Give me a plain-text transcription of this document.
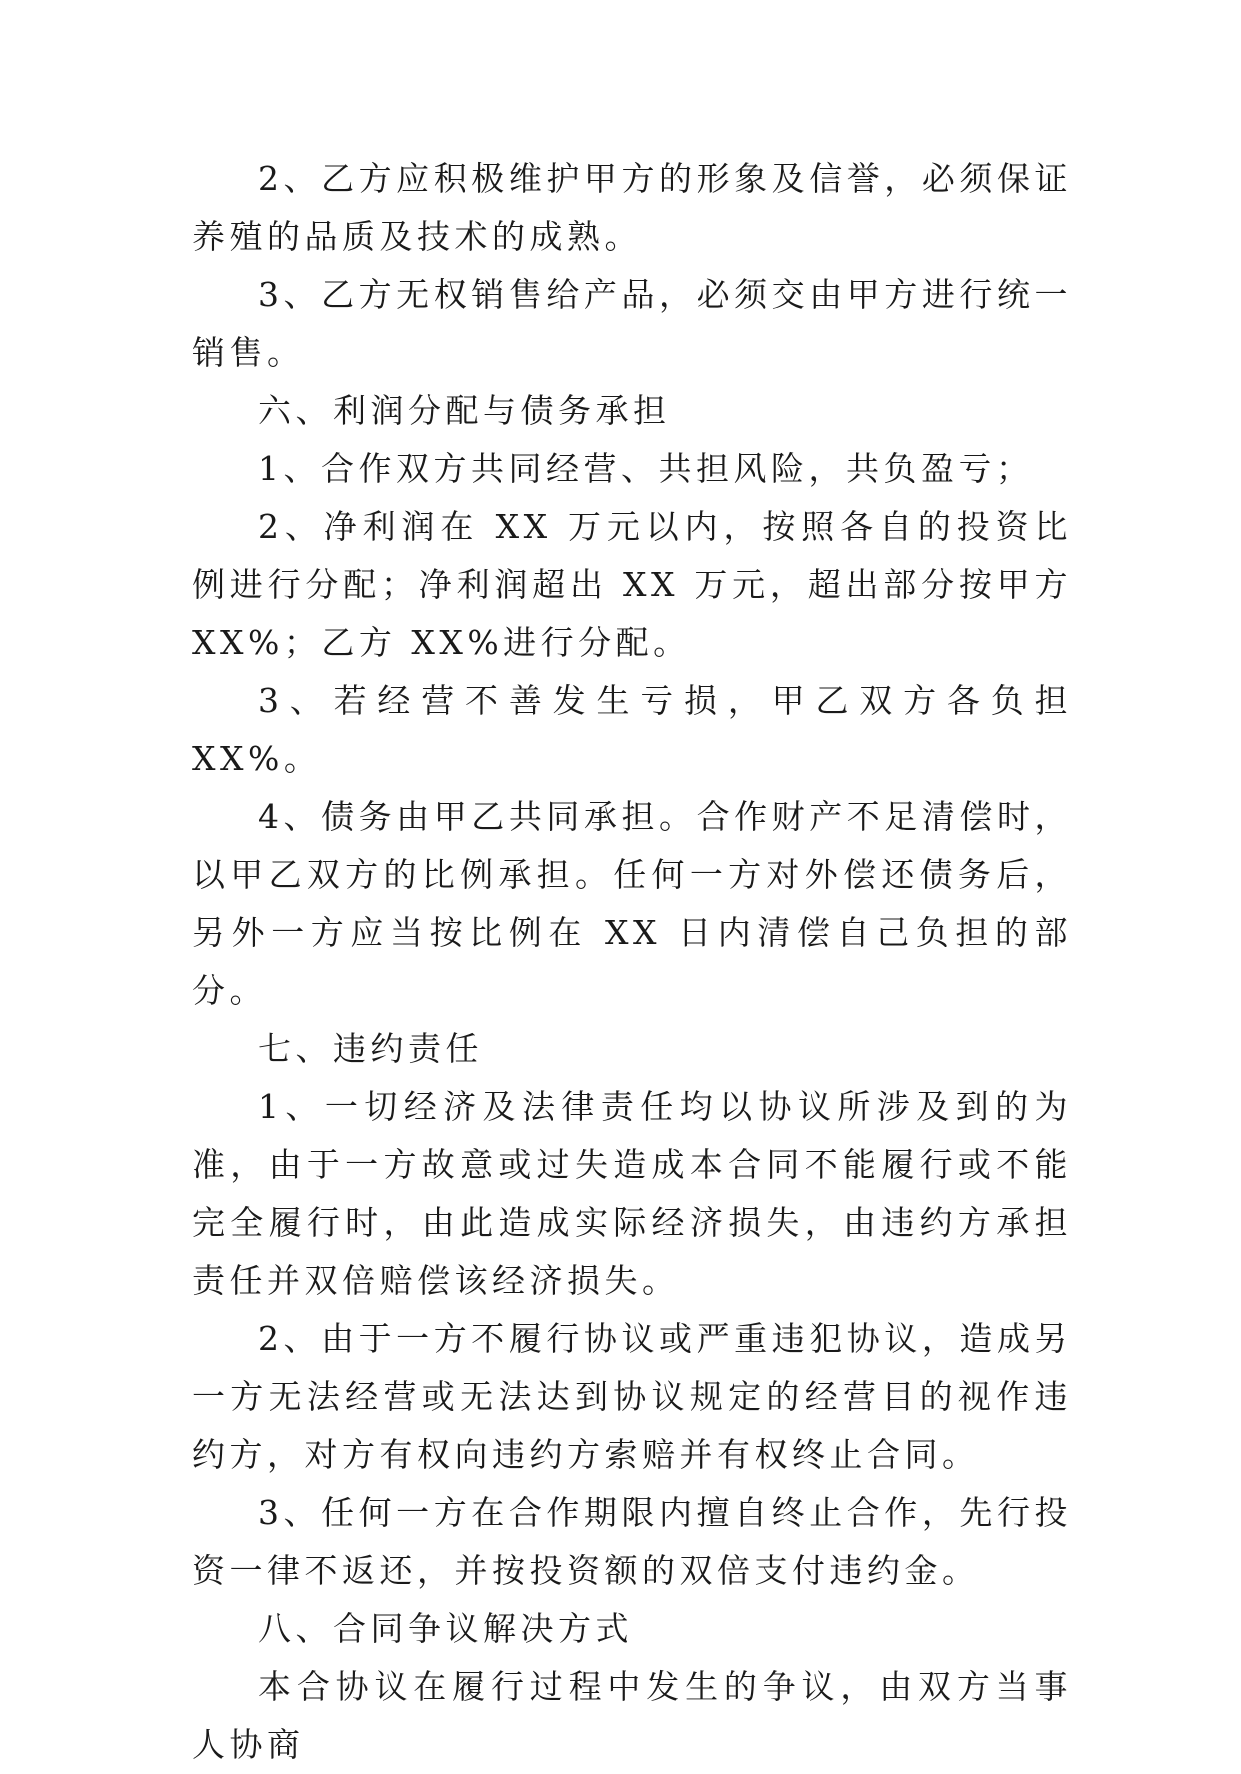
2、乙方应积极维护甲方的形象及信誉，必须保证养殖的品质及技术的成熟。

3、乙方无权销售给产品，必须交由甲方进行统一销售。

六、利润分配与债务承担

1、合作双方共同经营、共担风险，共负盈亏；

2、净利润在 XX 万元以内，按照各自的投资比例进行分配；净利润超出 XX 万元，超出部分按甲方 XX%；乙方 XX%进行分配。

3、若经营不善发生亏损，甲乙双方各负担 XX%。

4、债务由甲乙共同承担。合作财产不足清偿时，以甲乙双方的比例承担。任何一方对外偿还债务后，另外一方应当按比例在 XX 日内清偿自己负担的部分。

七、违约责任

1、一切经济及法律责任均以协议所涉及到的为准，由于一方故意或过失造成本合同不能履行或不能完全履行时，由此造成实际经济损失，由违约方承担责任并双倍赔偿该经济损失。

2、由于一方不履行协议或严重违犯协议，造成另一方无法经营或无法达到协议规定的经营目的视作违约方，对方有权向违约方索赔并有权终止合同。

3、任何一方在合作期限内擅自终止合作，先行投资一律不返还，并按投资额的双倍支付违约金。

八、合同争议解决方式

本合协议在履行过程中发生的争议，由双方当事人协商
